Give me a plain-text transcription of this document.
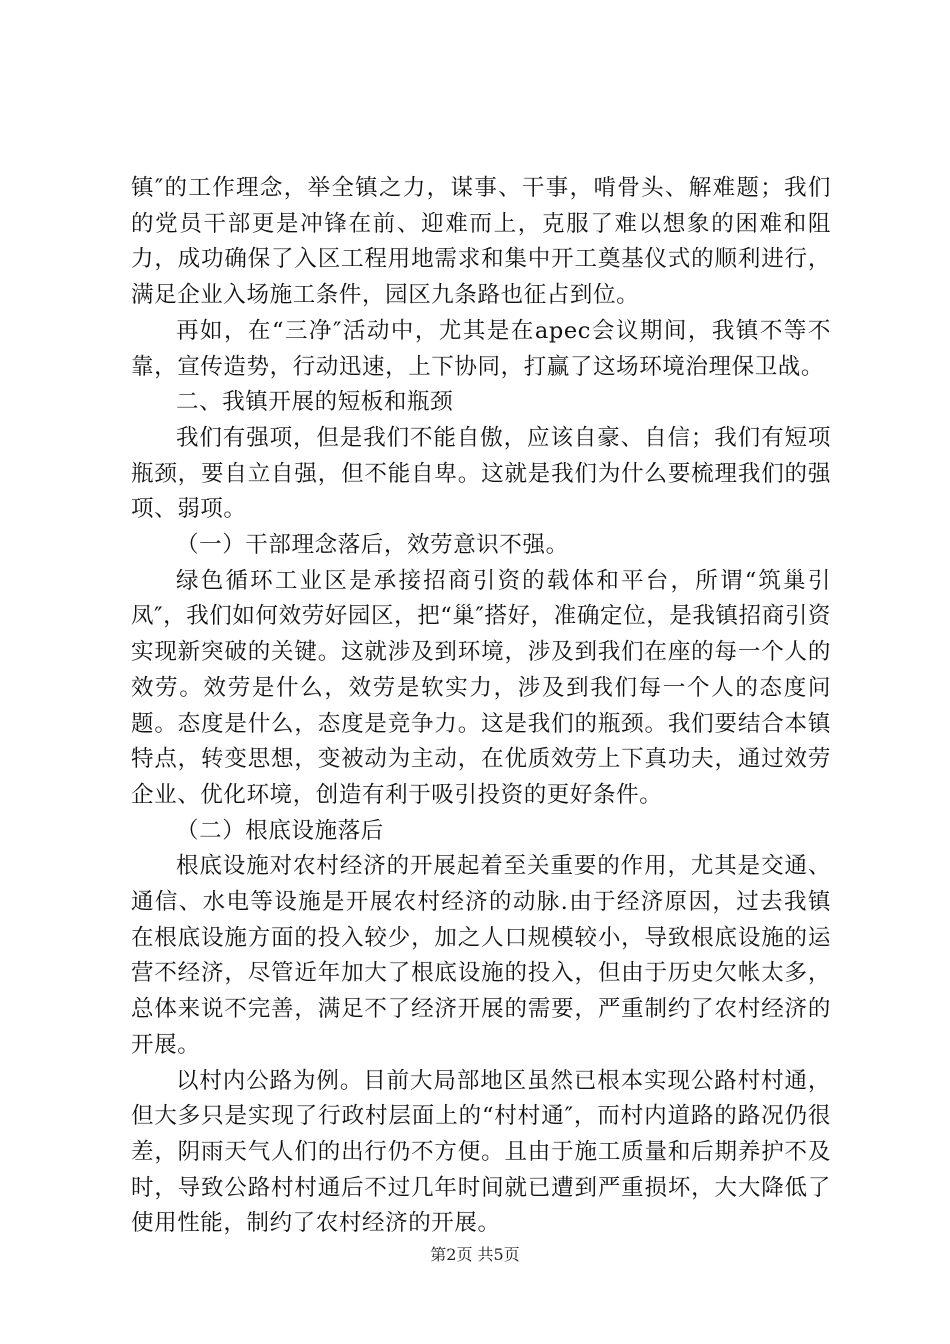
镇″的工作理念，举全镇之力，谋事、干事，啃骨头、解难题；我们的党员干部更是冲锋在前、迎难而上，克服了难以想象的困难和阻力，成功确保了入区工程用地需求和集中开工奠基仪式的顺利进行，满足企业入场施工条件，园区九条路也征占到位。

再如，在“三净″活动中，尤其是在apec会议期间，我镇不等不靠，宣传造势，行动迅速，上下协同，打赢了这场环境治理保卫战。

二、我镇开展的短板和瓶颈

我们有强项，但是我们不能自傲，应该自豪、自信；我们有短项瓶颈，要自立自强，但不能自卑。这就是我们为什么要梳理我们的强项、弱项。

（一）干部理念落后，效劳意识不强。

绿色循环工业区是承接招商引资的载体和平台，所谓“筑巢引凤″，我们如何效劳好园区，把“巢″搭好，准确定位，是我镇招商引资实现新突破的关键。这就涉及到环境，涉及到我们在座的每一个人的效劳。效劳是什么，效劳是软实力，涉及到我们每一个人的态度问题。态度是什么，态度是竞争力。这是我们的瓶颈。我们要结合本镇特点，转变思想，变被动为主动，在优质效劳上下真功夫，通过效劳企业、优化环境，创造有利于吸引投资的更好条件。

（二）根底设施落后

根底设施对农村经济的开展起着至关重要的作用，尤其是交通、通信、水电等设施是开展农村经济的动脉.由于经济原因，过去我镇在根底设施方面的投入较少，加之人口规模较小，导致根底设施的运营不经济，尽管近年加大了根底设施的投入，但由于历史欠帐太多，总体来说不完善，满足不了经济开展的需要，严重制约了农村经济的开展。

以村内公路为例。目前大局部地区虽然已根本实现公路村村通，但大多只是实现了行政村层面上的“村村通″，而村内道路的路况仍很差，阴雨天气人们的出行仍不方便。且由于施工质量和后期养护不及时，导致公路村村通后不过几年时间就已遭到严重损坏，大大降低了使用性能，制约了农村经济的开展。

第2页 共5页
